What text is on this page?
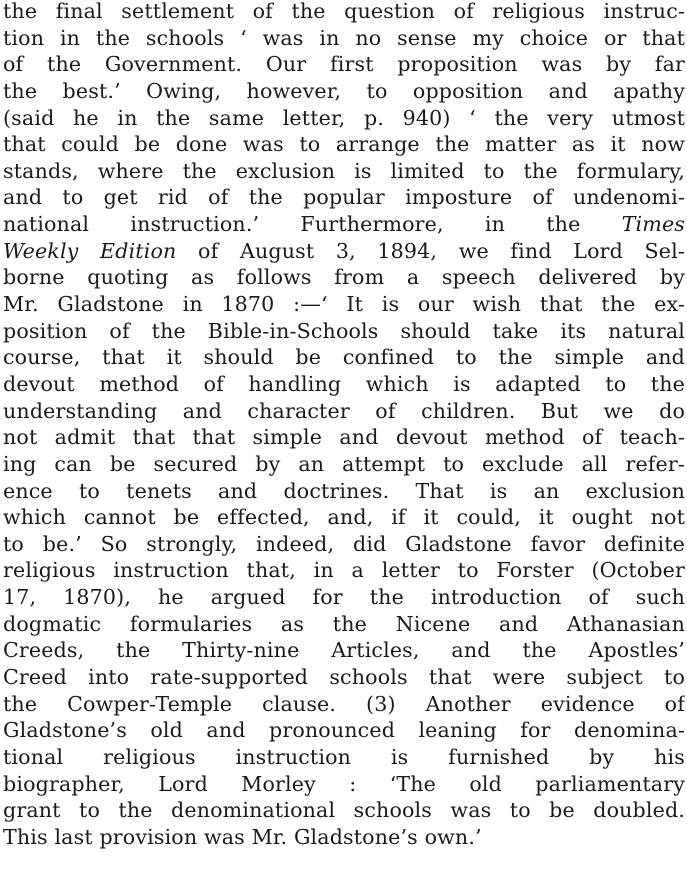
the final settlement of the question of religious instruc-
tion in the schools ‘ was in no sense my choice or that
of the Government. Our first proposition was by far
the best.’ Owing, however, to opposition and apathy
(said he in the same letter, p. 940) ‘ the very utmost
that could be done was to arrange the matter as it now
stands, where the exclusion is limited to the formulary,
and to get rid of the popular imposture of undenomi-
national instruction.’ Furthermore, in the Times
Weekly Edition of August 3, 1894, we find Lord Sel-
borne quoting as follows from a speech delivered by
Mr. Gladstone in 1870 :—‘ It is our wish that the ex-
position of the Bible-in-Schools should take its natural
course, that it should be confined to the simple and
devout method of handling which is adapted to the
understanding and character of children. But we do
not admit that that simple and devout method of teach-
ing can be secured by an attempt to exclude all refer-
ence to tenets and doctrines. That is an exclusion
which cannot be effected, and, if it could, it ought not
to be.’ So strongly, indeed, did Gladstone favor definite
religious instruction that, in a letter to Forster (October
17, 1870), he argued for the introduction of such
dogmatic formularies as the Nicene and Athanasian
Creeds, the Thirty-nine Articles, and the Apostles’
Creed into rate-supported schools that were subject to
the Cowper-Temple clause. (3) Another evidence of
Gladstone’s old and pronounced leaning for denomina-
tional religious instruction is furnished by his
biographer, Lord Morley : ‘The old parliamentary
grant to the denominational schools was to be doubled.
This last provision was Mr. Gladstone’s own.’
